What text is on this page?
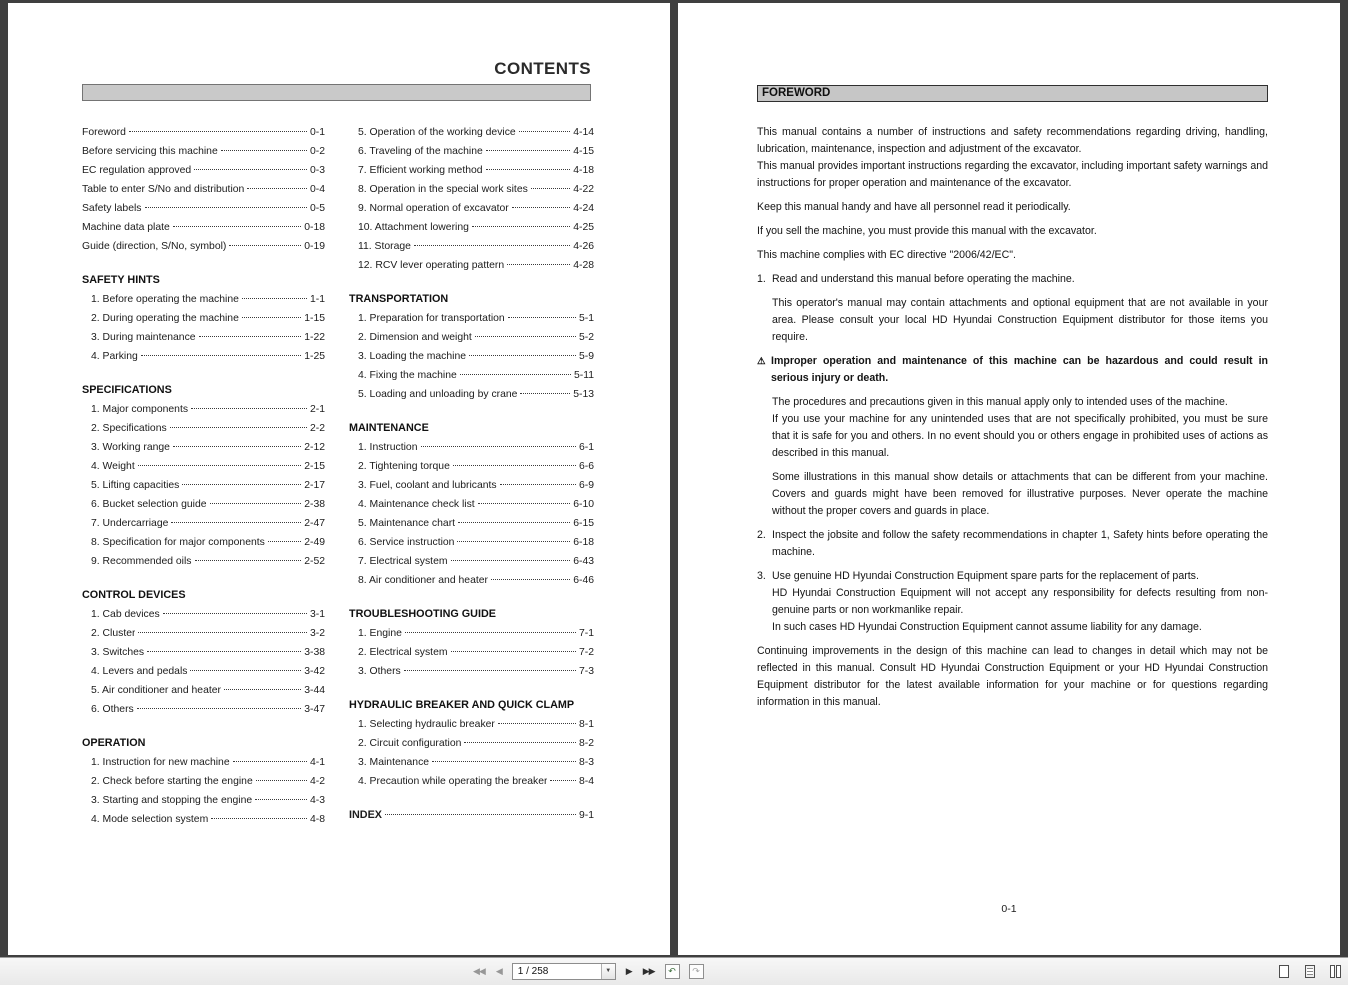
CONTENTS
Foreword	0-1
Before servicing this machine	0-2
EC regulation approved	0-3
Table to enter S/No and distribution	0-4
Safety labels	0-5
Machine data plate	0-18
Guide (direction, S/No, symbol)	0-19
SAFETY HINTS
1. Before operating the machine	1-1
2. During operating the machine	1-15
3. During maintenance	1-22
4. Parking	1-25
SPECIFICATIONS
1. Major components	2-1
2. Specifications	2-2
3. Working range	2-12
4. Weight	2-15
5. Lifting capacities	2-17
6. Bucket selection guide	2-38
7. Undercarriage	2-47
8. Specification for major components	2-49
9. Recommended oils	2-52
CONTROL DEVICES
1. Cab devices	3-1
2. Cluster	3-2
3. Switches	3-38
4. Levers and pedals	3-42
5. Air conditioner and heater	3-44
6. Others	3-47
OPERATION
1. Instruction for new machine	4-1
2. Check before starting the engine	4-2
3. Starting and stopping the engine	4-3
4. Mode selection system	4-8
5. Operation of the working device	4-14
6. Traveling of the machine	4-15
7. Efficient working method	4-18
8. Operation in the special work sites	4-22
9. Normal operation of excavator	4-24
10. Attachment lowering	4-25
11. Storage	4-26
12. RCV lever operating pattern	4-28
TRANSPORTATION
1. Preparation for transportation	5-1
2. Dimension and weight	5-2
3. Loading the machine	5-9
4. Fixing the machine	5-11
5. Loading and unloading by crane	5-13
MAINTENANCE
1. Instruction	6-1
2. Tightening torque	6-6
3. Fuel, coolant and lubricants	6-9
4. Maintenance check list	6-10
5. Maintenance chart	6-15
6. Service instruction	6-18
7. Electrical system	6-43
8. Air conditioner and heater	6-46
TROUBLESHOOTING GUIDE
1. Engine	7-1
2. Electrical system	7-2
3. Others	7-3
HYDRAULIC BREAKER AND QUICK CLAMP
1. Selecting hydraulic breaker	8-1
2. Circuit configuration	8-2
3. Maintenance	8-3
4. Precaution while operating the breaker	8-4
INDEX	9-1
FOREWORD
This manual contains a number of instructions and safety recommendations regarding driving, handling, lubrication, maintenance, inspection and adjustment of the excavator.
This manual provides important instructions regarding the excavator, including important safety warnings and instructions for proper operation and maintenance of the excavator.
Keep this manual handy and have all personnel read it periodically.
If you sell the machine, you must provide this manual with the excavator.
This machine complies with EC directive "2006/42/EC".
1. Read and understand this manual before operating the machine.
This operator's manual may contain attachments and optional equipment that are not available in your area. Please consult your local HD Hyundai Construction Equipment distributor for those items you require.
⚠ Improper operation and maintenance of this machine can be hazardous and could result in serious injury or death.
The procedures and precautions given in this manual apply only to intended uses of the machine.
If you use your machine for any unintended uses that are not specifically prohibited, you must be sure that it is safe for you and others. In no event should you or others engage in prohibited uses of actions as described in this manual.
Some illustrations in this manual show details or attachments that can be different from your machine. Covers and guards might have been removed for illustrative purposes. Never operate the machine without the proper covers and guards in place.
2. Inspect the jobsite and follow the safety recommendations in chapter 1, Safety hints before operating the machine.
3. Use genuine HD Hyundai Construction Equipment spare parts for the replacement of parts.
HD Hyundai Construction Equipment will not accept any responsibility for defects resulting from non-genuine parts or non workmanlike repair.
In such cases HD Hyundai Construction Equipment cannot assume liability for any damage.
Continuing improvements in the design of this machine can lead to changes in detail which may not be reflected in this manual. Consult HD Hyundai Construction Equipment or your HD Hyundai Construction Equipment distributor for the latest available information for your machine or for questions regarding information in this manual.
0-1
◀◀ ◀	1 / 258	▼	▶ ▶▶	↶	↷
